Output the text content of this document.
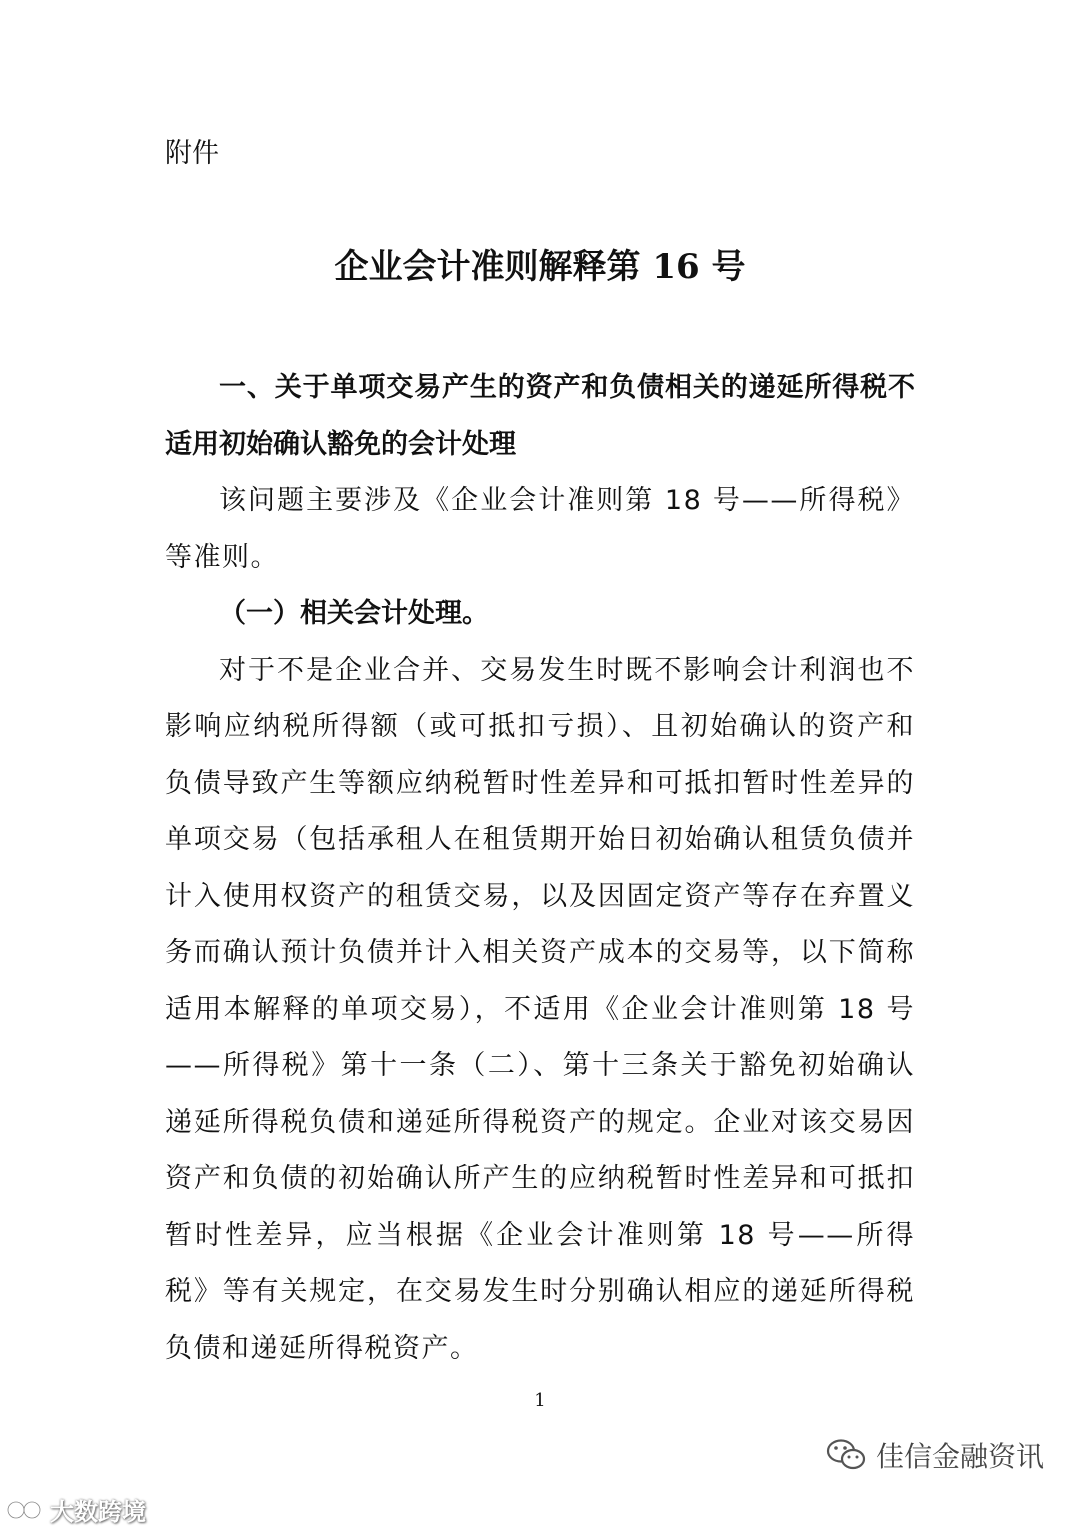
附件
企业会计准则解释第 16 号

一、关于单项交易产生的资产和负债相关的递延所得税不适用初始确认豁免的会计处理

该问题主要涉及《企业会计准则第 18 号——所得税》等准则。

（一）相关会计处理。

对于不是企业合并、交易发生时既不影响会计利润也不影响应纳税所得额（或可抵扣亏损）、且初始确认的资产和负债导致产生等额应纳税暂时性差异和可抵扣暂时性差异的单项交易（包括承租人在租赁期开始日初始确认租赁负债并计入使用权资产的租赁交易，以及因固定资产等存在弃置义务而确认预计负债并计入相关资产成本的交易等，以下简称适用本解释的单项交易），不适用《企业会计准则第 18 号——所得税》第十一条（二）、第十三条关于豁免初始确认递延所得税负债和递延所得税资产的规定。企业对该交易因资产和负债的初始确认所产生的应纳税暂时性差异和可抵扣暂时性差异，应当根据《企业会计准则第 18 号——所得税》等有关规定，在交易发生时分别确认相应的递延所得税负债和递延所得税资产。

1
大数跨境
佳信金融资讯
